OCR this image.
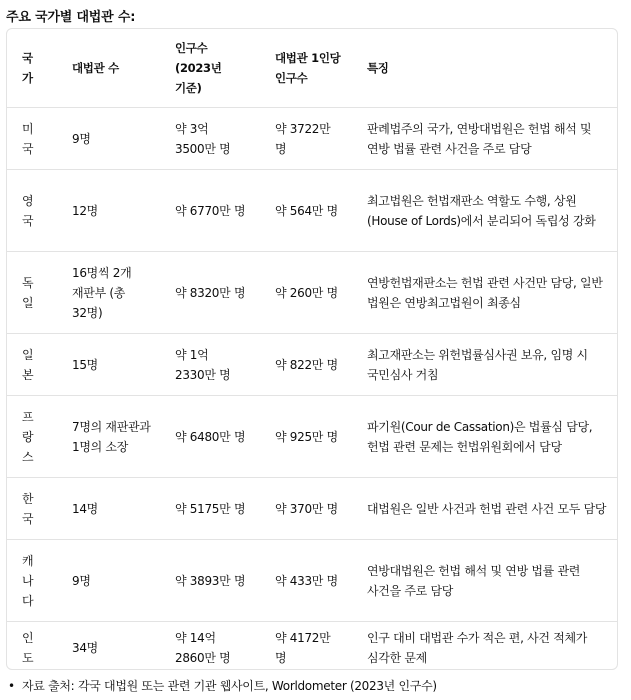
주요 국가별 대법관 수:
국가	대법관 수	인구수 (2023년 기준)	대법관 1인당 인구수	특징
미국	9명	약 3억 3500만 명	약 3722만 명	판례법주의 국가, 연방대법원은 헌법 해석 및 연방 법률 관련 사건을 주로 담당
영국	12명	약 6770만 명	약 564만 명	최고법원은 헌법재판소 역할도 수행, 상원(House of Lords)에서 분리되어 독립성 강화
독일	16명씩 2개 재판부 (총 32명)	약 8320만 명	약 260만 명	연방헌법재판소는 헌법 관련 사건만 담당, 일반 법원은 연방최고법원이 최종심
일본	15명	약 1억 2330만 명	약 822만 명	최고재판소는 위헌법률심사권 보유, 임명 시 국민심사 거침
프랑스	7명의 재판관과 1명의 소장	약 6480만 명	약 925만 명	파기원(Cour de Cassation)은 법률심 담당, 헌법 관련 문제는 헌법위원회에서 담당
한국	14명	약 5175만 명	약 370만 명	대법원은 일반 사건과 헌법 관련 사건 모두 담당
캐나다	9명	약 3893만 명	약 433만 명	연방대법원은 헌법 해석 및 연방 법률 관련 사건을 주로 담당
인도	34명	약 14억 2860만 명	약 4172만 명	인구 대비 대법관 수가 적은 편, 사건 적체가 심각한 문제
• 자료 출처: 각국 대법원 또는 관련 기관 웹사이트, Worldometer (2023년 인구수)
